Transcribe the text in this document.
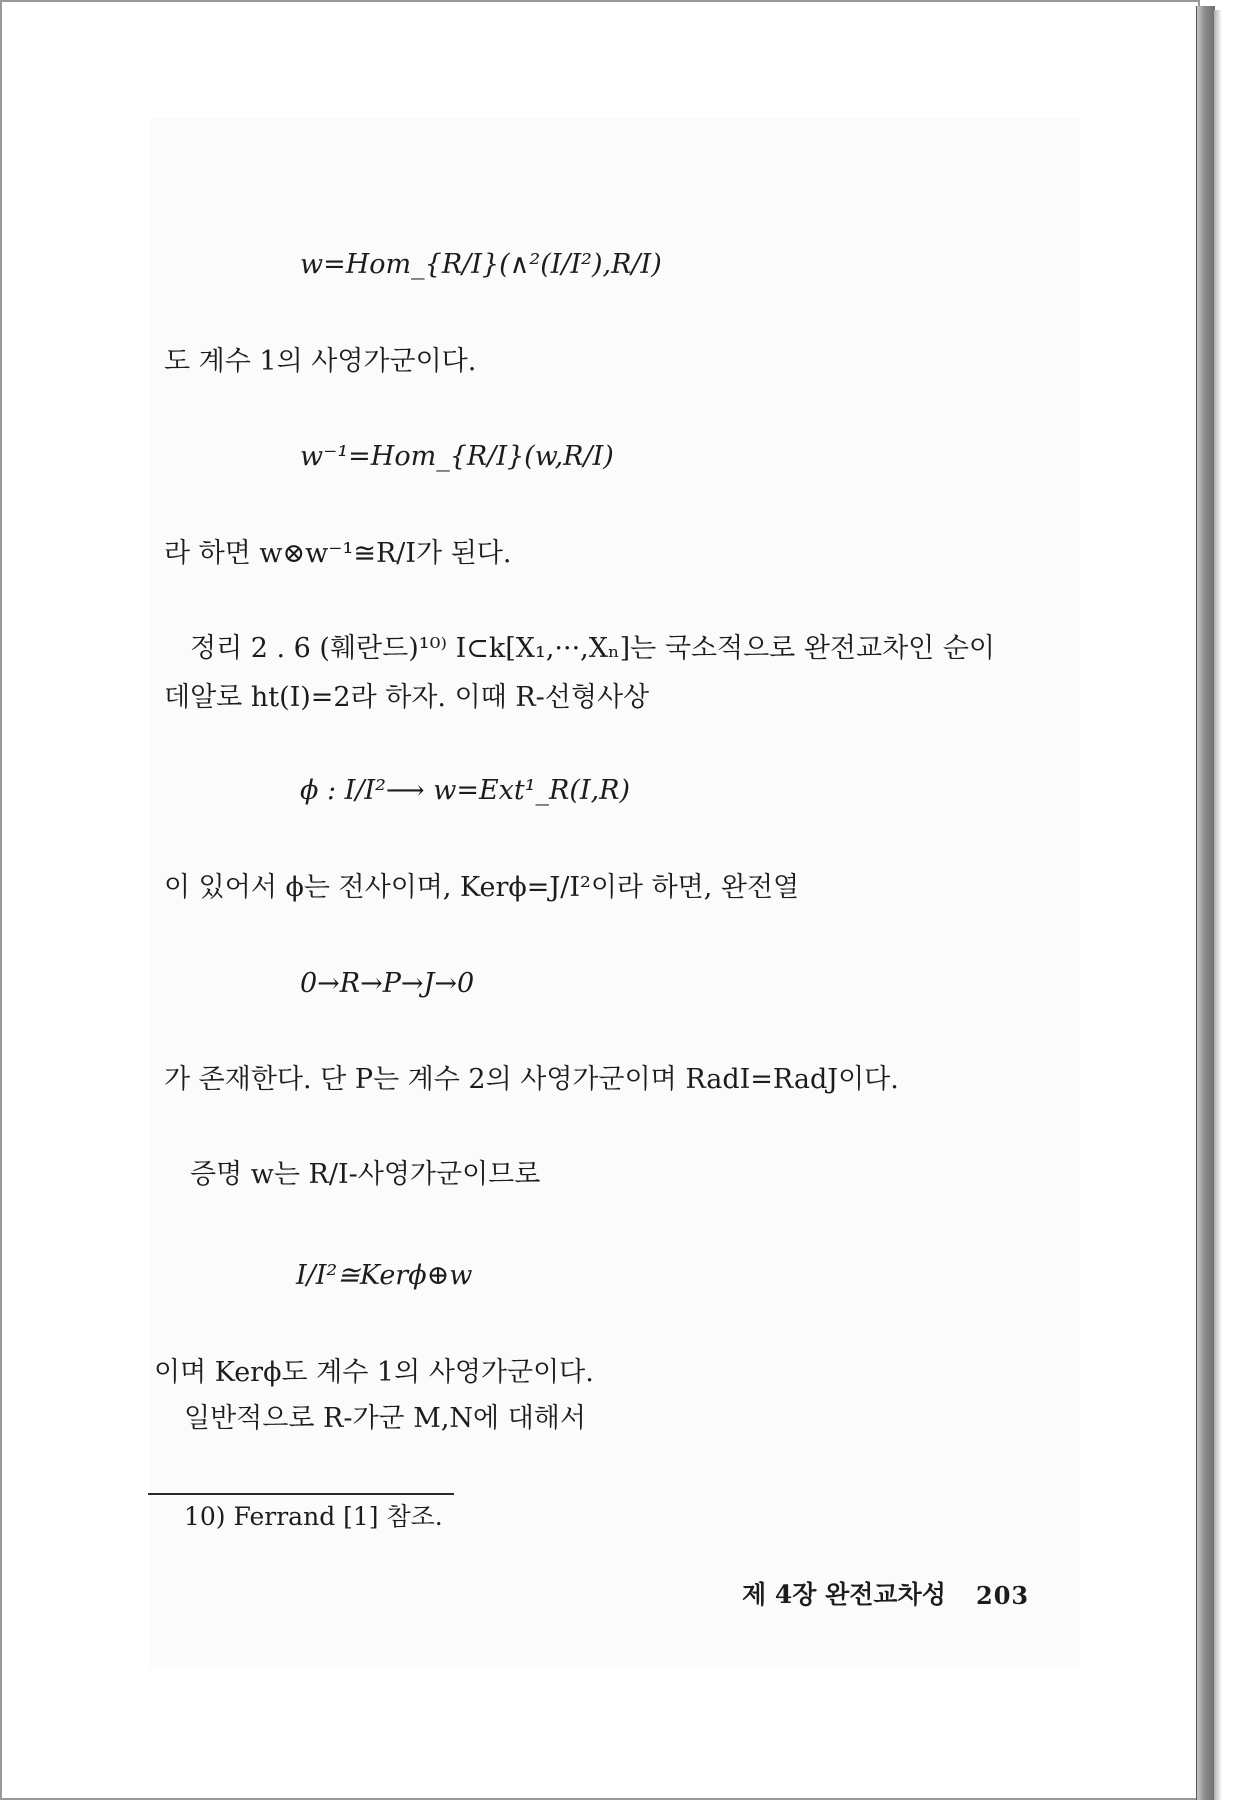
w=Hom_{R/I}(∧²(I/I²),R/I)
도 계수 1의 사영가군이다.
w⁻¹=Hom_{R/I}(w,R/I)
라 하면 w⊗w⁻¹≅R/I가 된다.
정리 2 . 6 (훼란드)¹⁰⁾ I⊂k[X₁,···,Xₙ]는 국소적으로 완전교차인 순이
데알로 ht(I)=2라 하자. 이때 R-선형사상
ϕ : I/I²⟶ w=Ext¹_R(I,R)
이 있어서 ϕ는 전사이며, Kerϕ=J/I²이라 하면, 완전열
0→R→P→J→0
가 존재한다. 단 P는 계수 2의 사영가군이며 RadI=RadJ이다.
증명 w는 R/I-사영가군이므로
I/I²≅Kerϕ⊕w
이며 Kerϕ도 계수 1의 사영가군이다.
일반적으로 R-가군 M,N에 대해서
10) Ferrand [1] 참조.
제 4장 완전교차성 203
